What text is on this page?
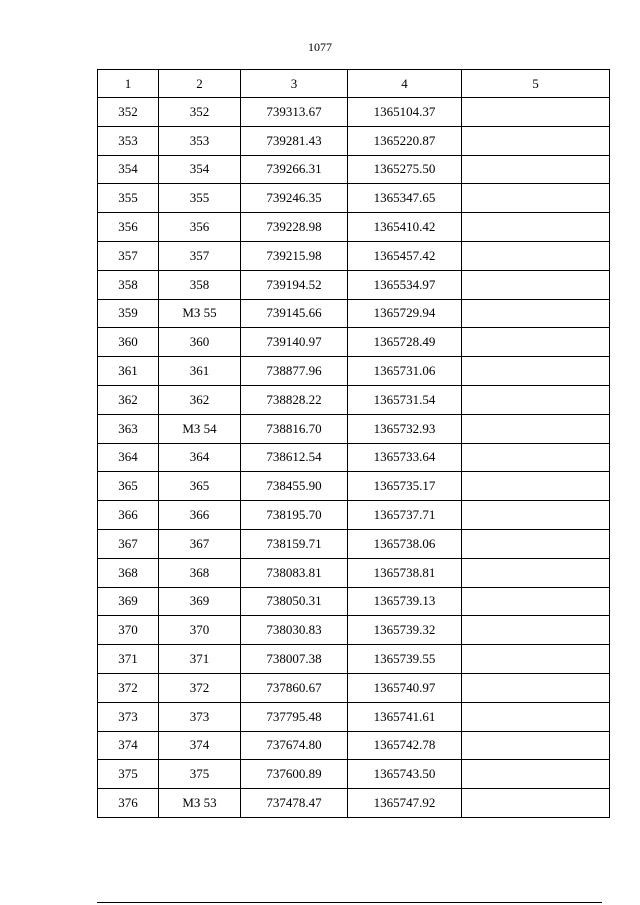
1077
1	2	3	4	5
352	352	739313.67	1365104.37	
353	353	739281.43	1365220.87	
354	354	739266.31	1365275.50	
355	355	739246.35	1365347.65	
356	356	739228.98	1365410.42	
357	357	739215.98	1365457.42	
358	358	739194.52	1365534.97	
359	МЗ 55	739145.66	1365729.94	
360	360	739140.97	1365728.49	
361	361	738877.96	1365731.06	
362	362	738828.22	1365731.54	
363	МЗ 54	738816.70	1365732.93	
364	364	738612.54	1365733.64	
365	365	738455.90	1365735.17	
366	366	738195.70	1365737.71	
367	367	738159.71	1365738.06	
368	368	738083.81	1365738.81	
369	369	738050.31	1365739.13	
370	370	738030.83	1365739.32	
371	371	738007.38	1365739.55	
372	372	737860.67	1365740.97	
373	373	737795.48	1365741.61	
374	374	737674.80	1365742.78	
375	375	737600.89	1365743.50	
376	МЗ 53	737478.47	1365747.92	
